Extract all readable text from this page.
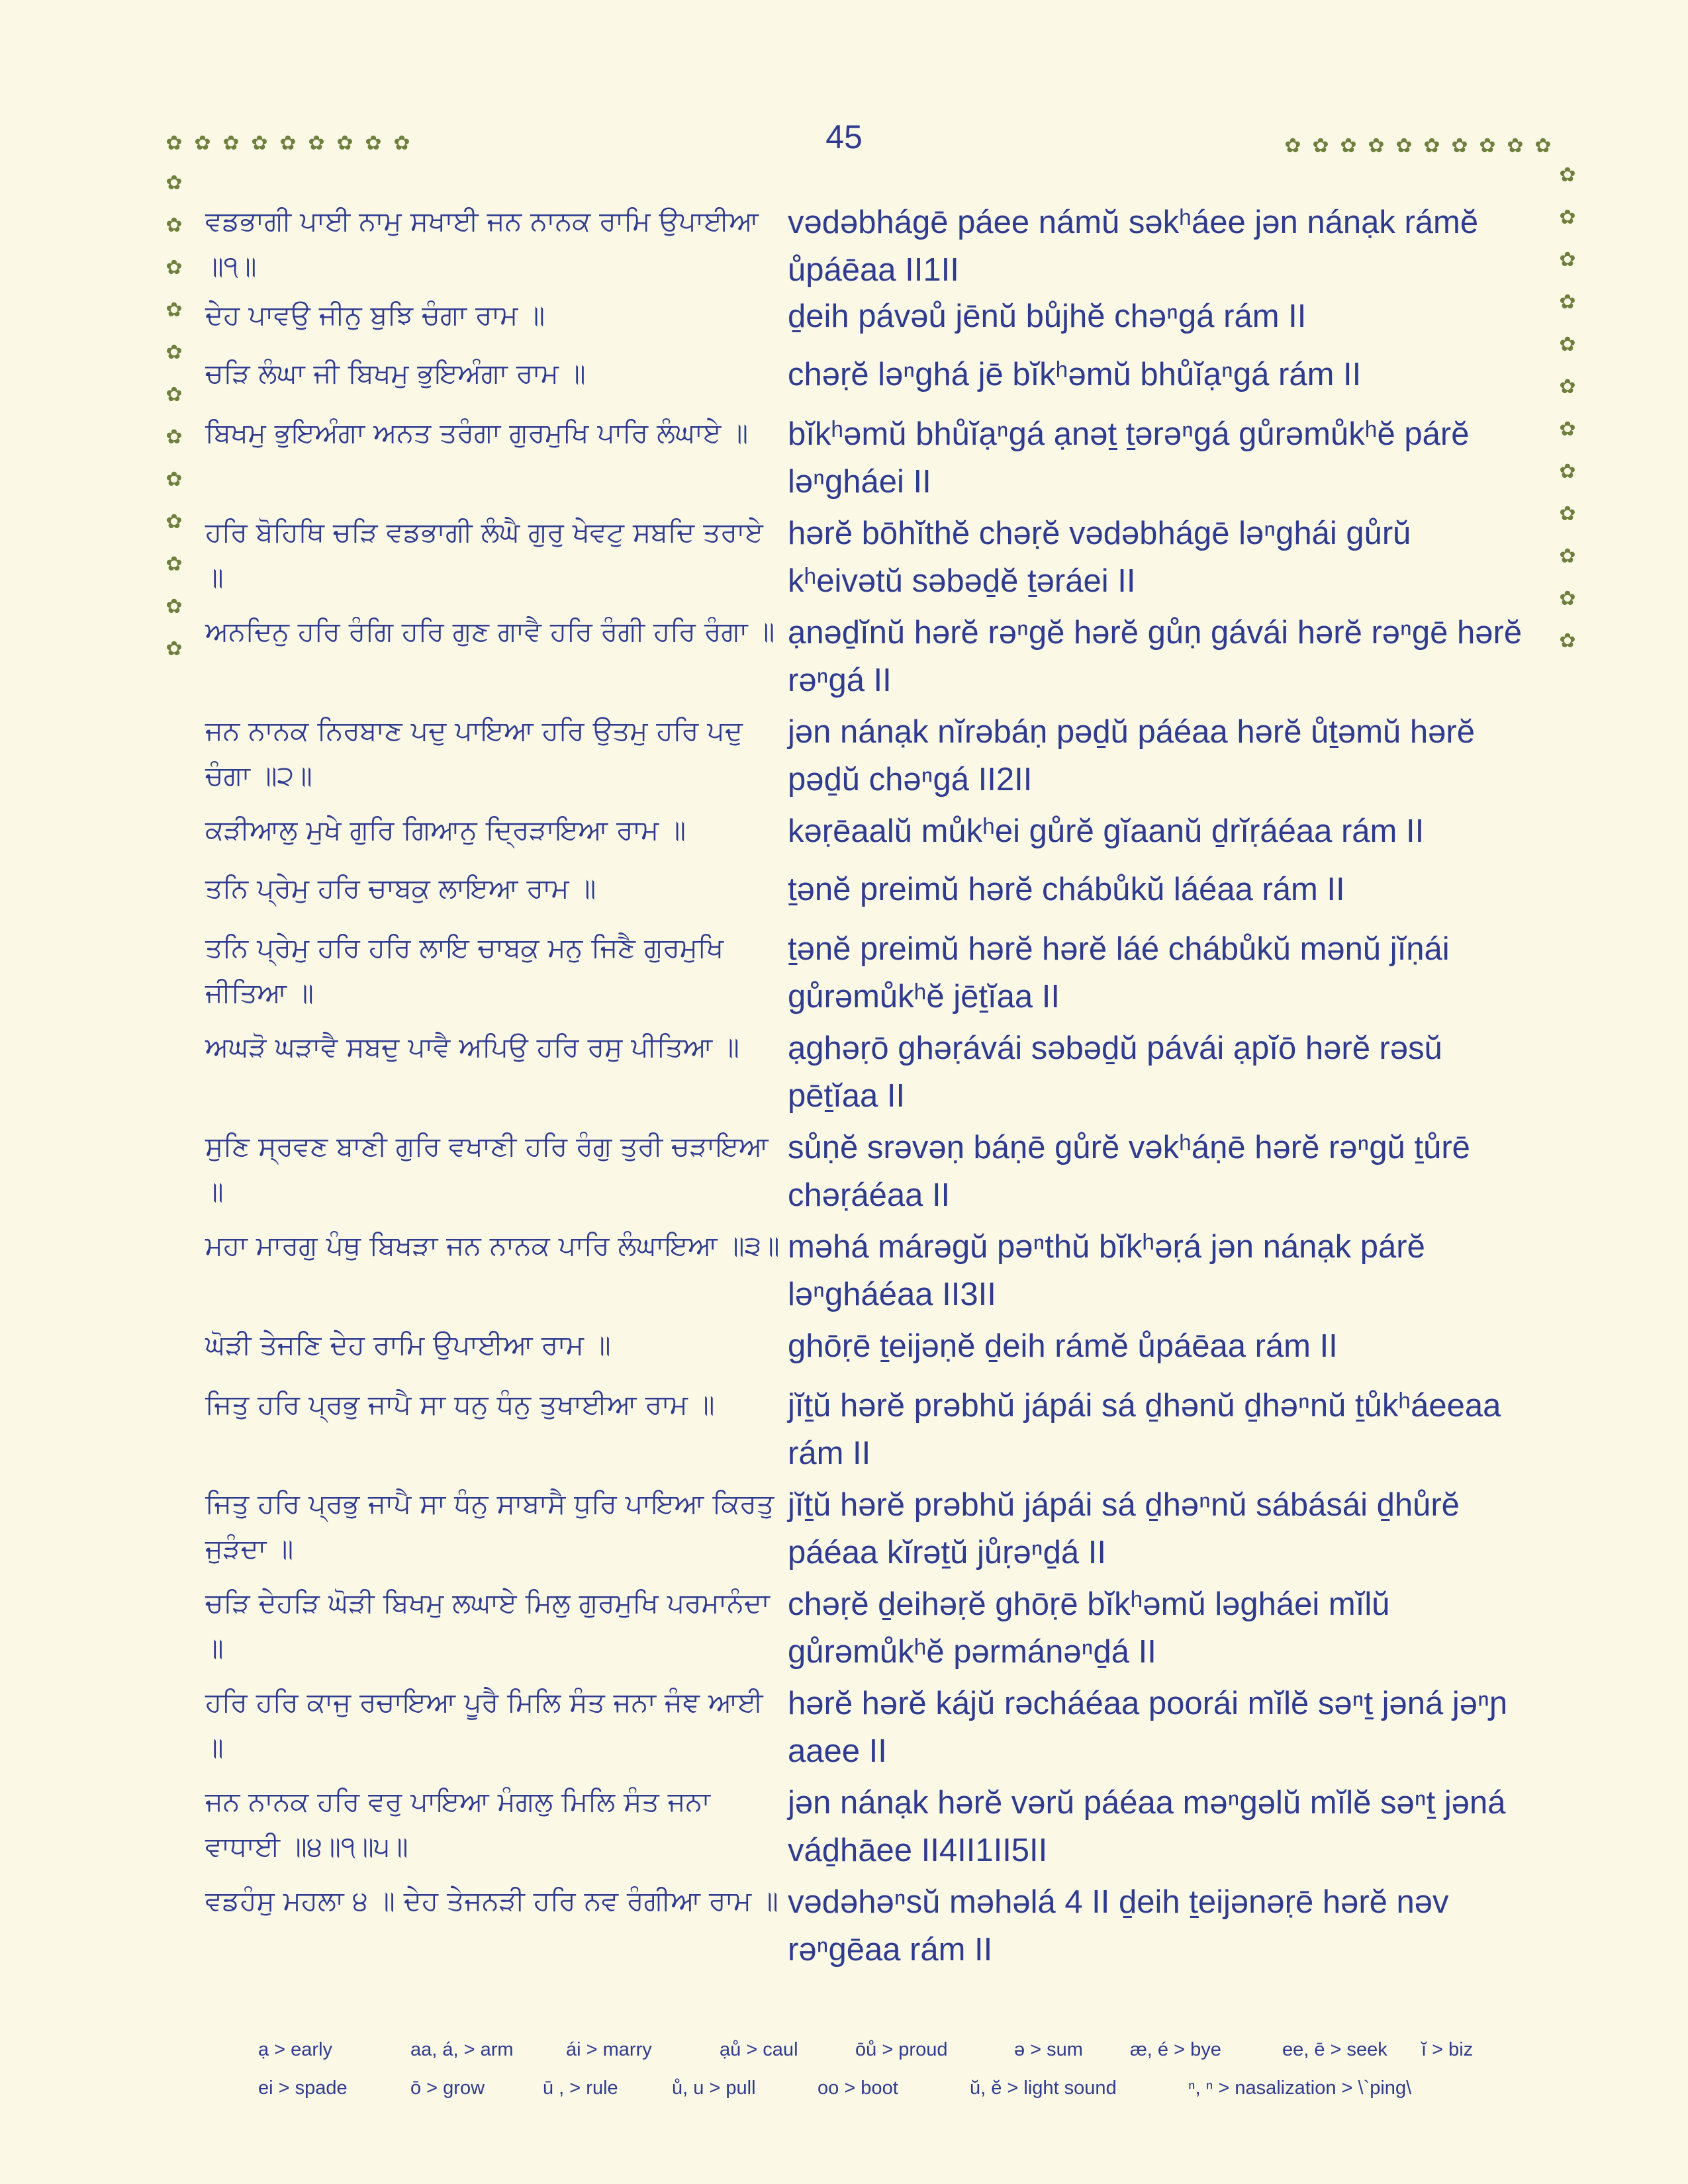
45
✿ ✿ ✿ ✿ ✿ ✿ ✿ ✿ ✿	✿ ✿ ✿ ✿ ✿ ✿ ✿ ✿ ✿ ✿
✿
✿
✿
✿
✿
✿
✿
✿
✿
✿
✿
✿
✿
✿
✿
✿
✿
✿
✿
✿
✿
✿
✿
✿
ਵਡਭਾਗੀ ਪਾਈ ਨਾਮੁ ਸਖਾਈ ਜਨ ਨਾਨਕ ਰਾਮਿ ਉਪਾਈਆ ॥੧॥
vədəbhágē páee námŭ səkʰáee jən nánạk rámĕ ůpáēaa II1II
ਦੇਹ ਪਾਵਉ ਜੀਨੁ ਬੁਝਿ ਚੰਗਾ ਰਾਮ ॥	ḏeih pávəů jēnŭ bůjhĕ chəⁿgá rám II
ਚੜਿ ਲੰਘਾ ਜੀ ਬਿਖਮੁ ਭੁਇਅੰਗਾ ਰਾਮ ॥	chəṛĕ ləⁿghá jē bĭkʰəmŭ bhůĭạⁿgá rám II
ਬਿਖਮੁ ਭੁਇਅੰਗਾ ਅਨਤ ਤਰੰਗਾ ਗੁਰਮੁਖਿ ਪਾਰਿ ਲੰਘਾਏ ॥	bĭkʰəmŭ bhůĭạⁿgá ạnəṯ ṯərəⁿgá gůrəmůkʰĕ párĕ ləⁿgháei II
ਹਰਿ ਬੋਹਿਥਿ ਚੜਿ ਵਡਭਾਗੀ ਲੰਘੈ ਗੁਰੁ ਖੇਵਟੁ ਸਬਦਿ ਤਰਾਏ ॥
hərĕ bōhĭthĕ chəṛĕ vədəbhágē ləⁿghái gůrŭ kʰeivətŭ səbəḏĕ ṯəráei II
ਅਨਦਿਨੁ ਹਰਿ ਰੰਗਿ ਹਰਿ ਗੁਣ ਗਾਵੈ ਹਰਿ ਰੰਗੀ ਹਰਿ ਰੰਗਾ ॥ ạnəḏĭnŭ hərĕ rəⁿgĕ hərĕ gůṇ gávái hərĕ rəⁿgē hərĕ rəⁿgá II
ਜਨ ਨਾਨਕ ਨਿਰਬਾਣ ਪਦੁ ਪਾਇਆ ਹਰਿ ਉਤਮੁ ਹਰਿ ਪਦੁ ਚੰਗਾ ॥੨॥
jən nánạk nĭrəbáṇ pəḏŭ páéaa hərĕ ůṯəmŭ hərĕ pəḏŭ chəⁿgá II2II
ਕੜੀਆਲੁ ਮੁਖੇ ਗੁਰਿ ਗਿਆਨੁ ਦ੍ਰਿੜਾਇਆ ਰਾਮ ॥	kəṛēaalŭ můkʰei gůrĕ gĭaanŭ ḏrĭṛáéaa rám II
ਤਨਿ ਪ੍ਰੇਮੁ ਹਰਿ ਚਾਬਕੁ ਲਾਇਆ ਰਾਮ ॥	ṯənĕ preimŭ hərĕ chábůkŭ láéaa rám II
ਤਨਿ ਪ੍ਰੇਮੁ ਹਰਿ ਹਰਿ ਲਾਇ ਚਾਬਕੁ ਮਨੁ ਜਿਣੈ ਗੁਰਮੁਖਿ ਜੀਤਿਆ ॥
ṯənĕ preimŭ hərĕ hərĕ láé chábůkŭ mənŭ jĭṇái gůrəmůkʰĕ jēṯĭaa II
ਅਘੜੋ ਘੜਾਵੈ ਸਬਦੁ ਪਾਵੈ ਅਪਿਉ ਹਰਿ ਰਸੁ ਪੀਤਿਆ ॥	ạghəṛō ghəṛávái səbəḏŭ pávái ạpĭō hərĕ rəsŭ pēṯĭaa II
ਸੁਣਿ ਸ੍ਰਵਣ ਬਾਣੀ ਗੁਰਿ ਵਖਾਣੀ ਹਰਿ ਰੰਗੁ ਤੁਰੀ ਚੜਾਇਆ ॥
sůṇĕ srəvəṇ báṇē gůrĕ vəkʰáṇē hərĕ rəⁿgŭ ṯůrē chəṛáéaa II
ਮਹਾ ਮਾਰਗੁ ਪੰਥੁ ਬਿਖੜਾ ਜਨ ਨਾਨਕ ਪਾਰਿ ਲੰਘਾਇਆ ॥੩॥ məhá márəgŭ pəⁿthŭ bĭkʰəṛá jən nánạk párĕ ləⁿgháéaa II3II
ਘੋੜੀ ਤੇਜਣਿ ਦੇਹ ਰਾਮਿ ਉਪਾਈਆ ਰਾਮ ॥	ghōṛē ṯeijəṇĕ ḏeih rámĕ ůpáēaa rám II
ਜਿਤੁ ਹਰਿ ਪ੍ਰਭੁ ਜਾਪੈ ਸਾ ਧਨੁ ਧੰਨੁ ਤੁਖਾਈਆ ਰਾਮ ॥	jĭṯŭ hərĕ prəbhŭ jápái sá ḏhənŭ ḏhəⁿnŭ ṯůkʰáeeaa rám II
ਜਿਤੁ ਹਰਿ ਪ੍ਰਭੁ ਜਾਪੈ ਸਾ ਧੰਨੁ ਸਾਬਾਸੈ ਧੁਰਿ ਪਾਇਆ ਕਿਰਤੁ ਜੁੜੰਦਾ ॥
jĭṯŭ hərĕ prəbhŭ jápái sá ḏhəⁿnŭ sábásái ḏhůrĕ páéaa kĭrəṯŭ jůṛəⁿḏá II
ਚੜਿ ਦੇਹੜਿ ਘੋੜੀ ਬਿਖਮੁ ਲਘਾਏ ਮਿਲੁ ਗੁਰਮੁਖਿ ਪਰਮਾਨੰਦਾ ॥
chəṛĕ ḏeihəṛĕ ghōṛē bĭkʰəmŭ ləgháei mĭlŭ gůrəmůkʰĕ pərmánəⁿḏá II
ਹਰਿ ਹਰਿ ਕਾਜੁ ਰਚਾਇਆ ਪੂਰੈ ਮਿਲਿ ਸੰਤ ਜਨਾ ਜੰਞ ਆਈ ॥
hərĕ hərĕ kájŭ rəcháéaa poorái mĭlĕ səⁿṯ jəná jəⁿɲ aaee II
ਜਨ ਨਾਨਕ ਹਰਿ ਵਰੁ ਪਾਇਆ ਮੰਗਲੁ ਮਿਲਿ ਸੰਤ ਜਨਾ ਵਾਧਾਈ ॥੪॥੧॥੫॥
jən nánạk hərĕ vərŭ páéaa məⁿgəlŭ mĭlĕ səⁿṯ jəná váḏhāee II4II1II5II
ਵਡਹੰਸੁ ਮਹਲਾ ੪ ॥ ਦੇਹ ਤੇਜਨੜੀ ਹਰਿ ਨਵ ਰੰਗੀਆ ਰਾਮ ॥ vədəhəⁿsŭ məhəlá 4 II ḏeih ṯeijənəṛē hərĕ nəv rəⁿgēaa rám II
ạ > early	aa, á, > arm	ái > marry	ạů > caul	ōů > proud	ə > sum	æ, é > bye	ee, ē > seek	ĭ > biz
ei > spade	ō > grow	ū , > rule	ů, u > pull	oo > boot	ŭ, ĕ > light sound	ⁿ, ⁿ > nasalization > \`ping\
